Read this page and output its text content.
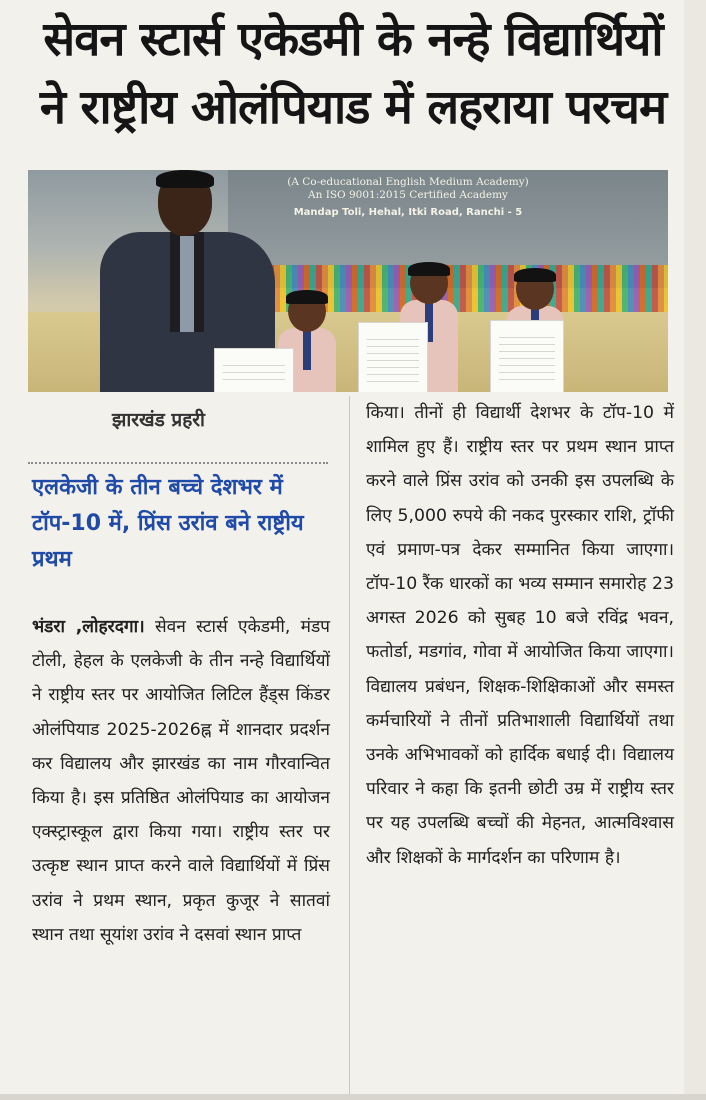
सेवन स्टार्स एकेडमी के नन्हे विद्यार्थियों
ने राष्ट्रीय ओलंपियाड में लहराया परचम
(A Co-educational English Medium Academy)
An ISO 9001:2015 Certified Academy
Mandap Toli, Hehal, Itki Road, Ranchi - 5
झारखंड प्रहरी
एलकेजी के तीन बच्चे देशभर में टॉप-10 में, प्रिंस उरांव बने राष्ट्रीय प्रथम
भंडरा ,लोहरदगा। सेवन स्टार्स एकेडमी, मंडप टोली, हेहल के एलकेजी के तीन नन्हे विद्यार्थियों ने राष्ट्रीय स्तर पर आयोजित लिटिल हैंड्स किंडर ओलंपियाड 2025-2026ह्न में शानदार प्रदर्शन कर विद्यालय और झारखंड का नाम गौरवान्वित किया है। इस प्रतिष्ठित ओलंपियाड का आयोजन एक्स्ट्रास्कूल द्वारा किया गया। राष्ट्रीय स्तर पर उत्कृष्ट स्थान प्राप्त करने वाले विद्यार्थियों में प्रिंस उरांव ने प्रथम स्थान, प्रकृत कुजूर ने सातवां स्थान तथा सूयांश उरांव ने दसवां स्थान प्राप्त
किया। तीनों ही विद्यार्थी देशभर के टॉप-10 में शामिल हुए हैं। राष्ट्रीय स्तर पर प्रथम स्थान प्राप्त करने वाले प्रिंस उरांव को उनकी इस उपलब्धि के लिए 5,000 रुपये की नकद पुरस्कार राशि, ट्रॉफी एवं प्रमाण-पत्र देकर सम्मानित किया जाएगा। टॉप-10 रैंक धारकों का भव्य सम्मान समारोह 23 अगस्त 2026 को सुबह 10 बजे रविंद्र भवन, फतोर्डा, मडगांव, गोवा में आयोजित किया जाएगा। विद्यालय प्रबंधन, शिक्षक-शिक्षिकाओं और समस्त कर्मचारियों ने तीनों प्रतिभाशाली विद्यार्थियों तथा उनके अभिभावकों को हार्दिक बधाई दी। विद्यालय परिवार ने कहा कि इतनी छोटी उम्र में राष्ट्रीय स्तर पर यह उपलब्धि बच्चों की मेहनत, आत्मविश्वास और शिक्षकों के मार्गदर्शन का परिणाम है।
